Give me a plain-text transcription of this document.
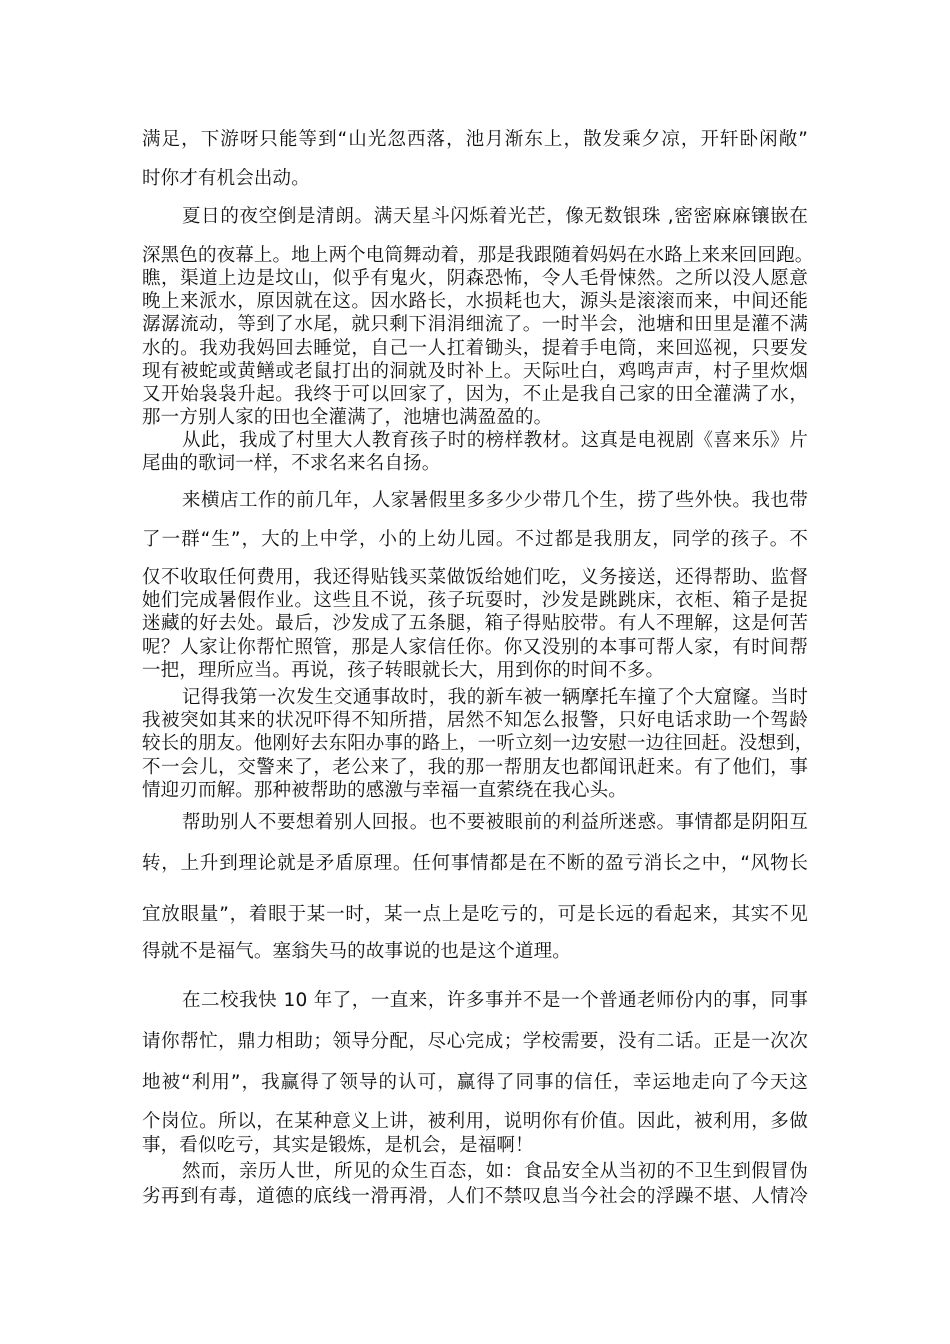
满足，下游呀只能等到“山光忽西落，池月渐东上，散发乘夕凉，开轩卧闲敞”
时你才有机会出动。
夏日的夜空倒是清朗。满天星斗闪烁着光芒，像无数银珠 ,密密麻麻镶嵌在
深黑色的夜幕上。地上两个电筒舞动着，那是我跟随着妈妈在水路上来来回回跑。
瞧，渠道上边是坟山，似乎有鬼火，阴森恐怖，令人毛骨悚然。之所以没人愿意
晚上来派水，原因就在这。因水路长，水损耗也大，源头是滚滚而来，中间还能
潺潺流动，等到了水尾，就只剩下涓涓细流了。一时半会，池塘和田里是灌不满
水的。我劝我妈回去睡觉，自己一人扛着锄头，提着手电筒，来回巡视，只要发
现有被蛇或黄鳝或老鼠打出的洞就及时补上。天际吐白，鸡鸣声声，村子里炊烟
又开始袅袅升起。我终于可以回家了，因为，不止是我自己家的田全灌满了水，
那一方别人家的田也全灌满了，池塘也满盈盈的。
从此，我成了村里大人教育孩子时的榜样教材。这真是电视剧《喜来乐》片
尾曲的歌词一样，不求名来名自扬。
来横店工作的前几年，人家暑假里多多少少带几个生，捞了些外快。我也带
了一群“生”，大的上中学，小的上幼儿园。不过都是我朋友，同学的孩子。不
仅不收取任何费用，我还得贴钱买菜做饭给她们吃，义务接送，还得帮助、监督
她们完成暑假作业。这些且不说，孩子玩耍时，沙发是跳跳床，衣柜、箱子是捉
迷藏的好去处。最后，沙发成了五条腿，箱子得贴胶带。有人不理解，这是何苦
呢？人家让你帮忙照管，那是人家信任你。你又没别的本事可帮人家，有时间帮
一把，理所应当。再说，孩子转眼就长大，用到你的时间不多。
记得我第一次发生交通事故时，我的新车被一辆摩托车撞了个大窟窿。当时
我被突如其来的状况吓得不知所措，居然不知怎么报警，只好电话求助一个驾龄
较长的朋友。他刚好去东阳办事的路上，一听立刻一边安慰一边往回赶。没想到，
不一会儿，交警来了，老公来了，我的那一帮朋友也都闻讯赶来。有了他们，事
情迎刃而解。那种被帮助的感激与幸福一直萦绕在我心头。
帮助别人不要想着别人回报。也不要被眼前的利益所迷惑。事情都是阴阳互
转，上升到理论就是矛盾原理。任何事情都是在不断的盈亏消长之中，“风物长
宜放眼量”，着眼于某一时，某一点上是吃亏的，可是长远的看起来，其实不见
得就不是福气。塞翁失马的故事说的也是这个道理。
在二校我快 10 年了，一直来，许多事并不是一个普通老师份内的事，同事
请你帮忙，鼎力相助；领导分配，尽心完成；学校需要，没有二话。正是一次次
地被“利用”，我赢得了领导的认可，赢得了同事的信任，幸运地走向了今天这
个岗位。所以，在某种意义上讲，被利用，说明你有价值。因此，被利用，多做
事，看似吃亏，其实是锻炼，是机会，是福啊！
然而，亲历人世，所见的众生百态，如：食品安全从当初的不卫生到假冒伪
劣再到有毒，道德的底线一滑再滑，人们不禁叹息当今社会的浮躁不堪、人情冷
